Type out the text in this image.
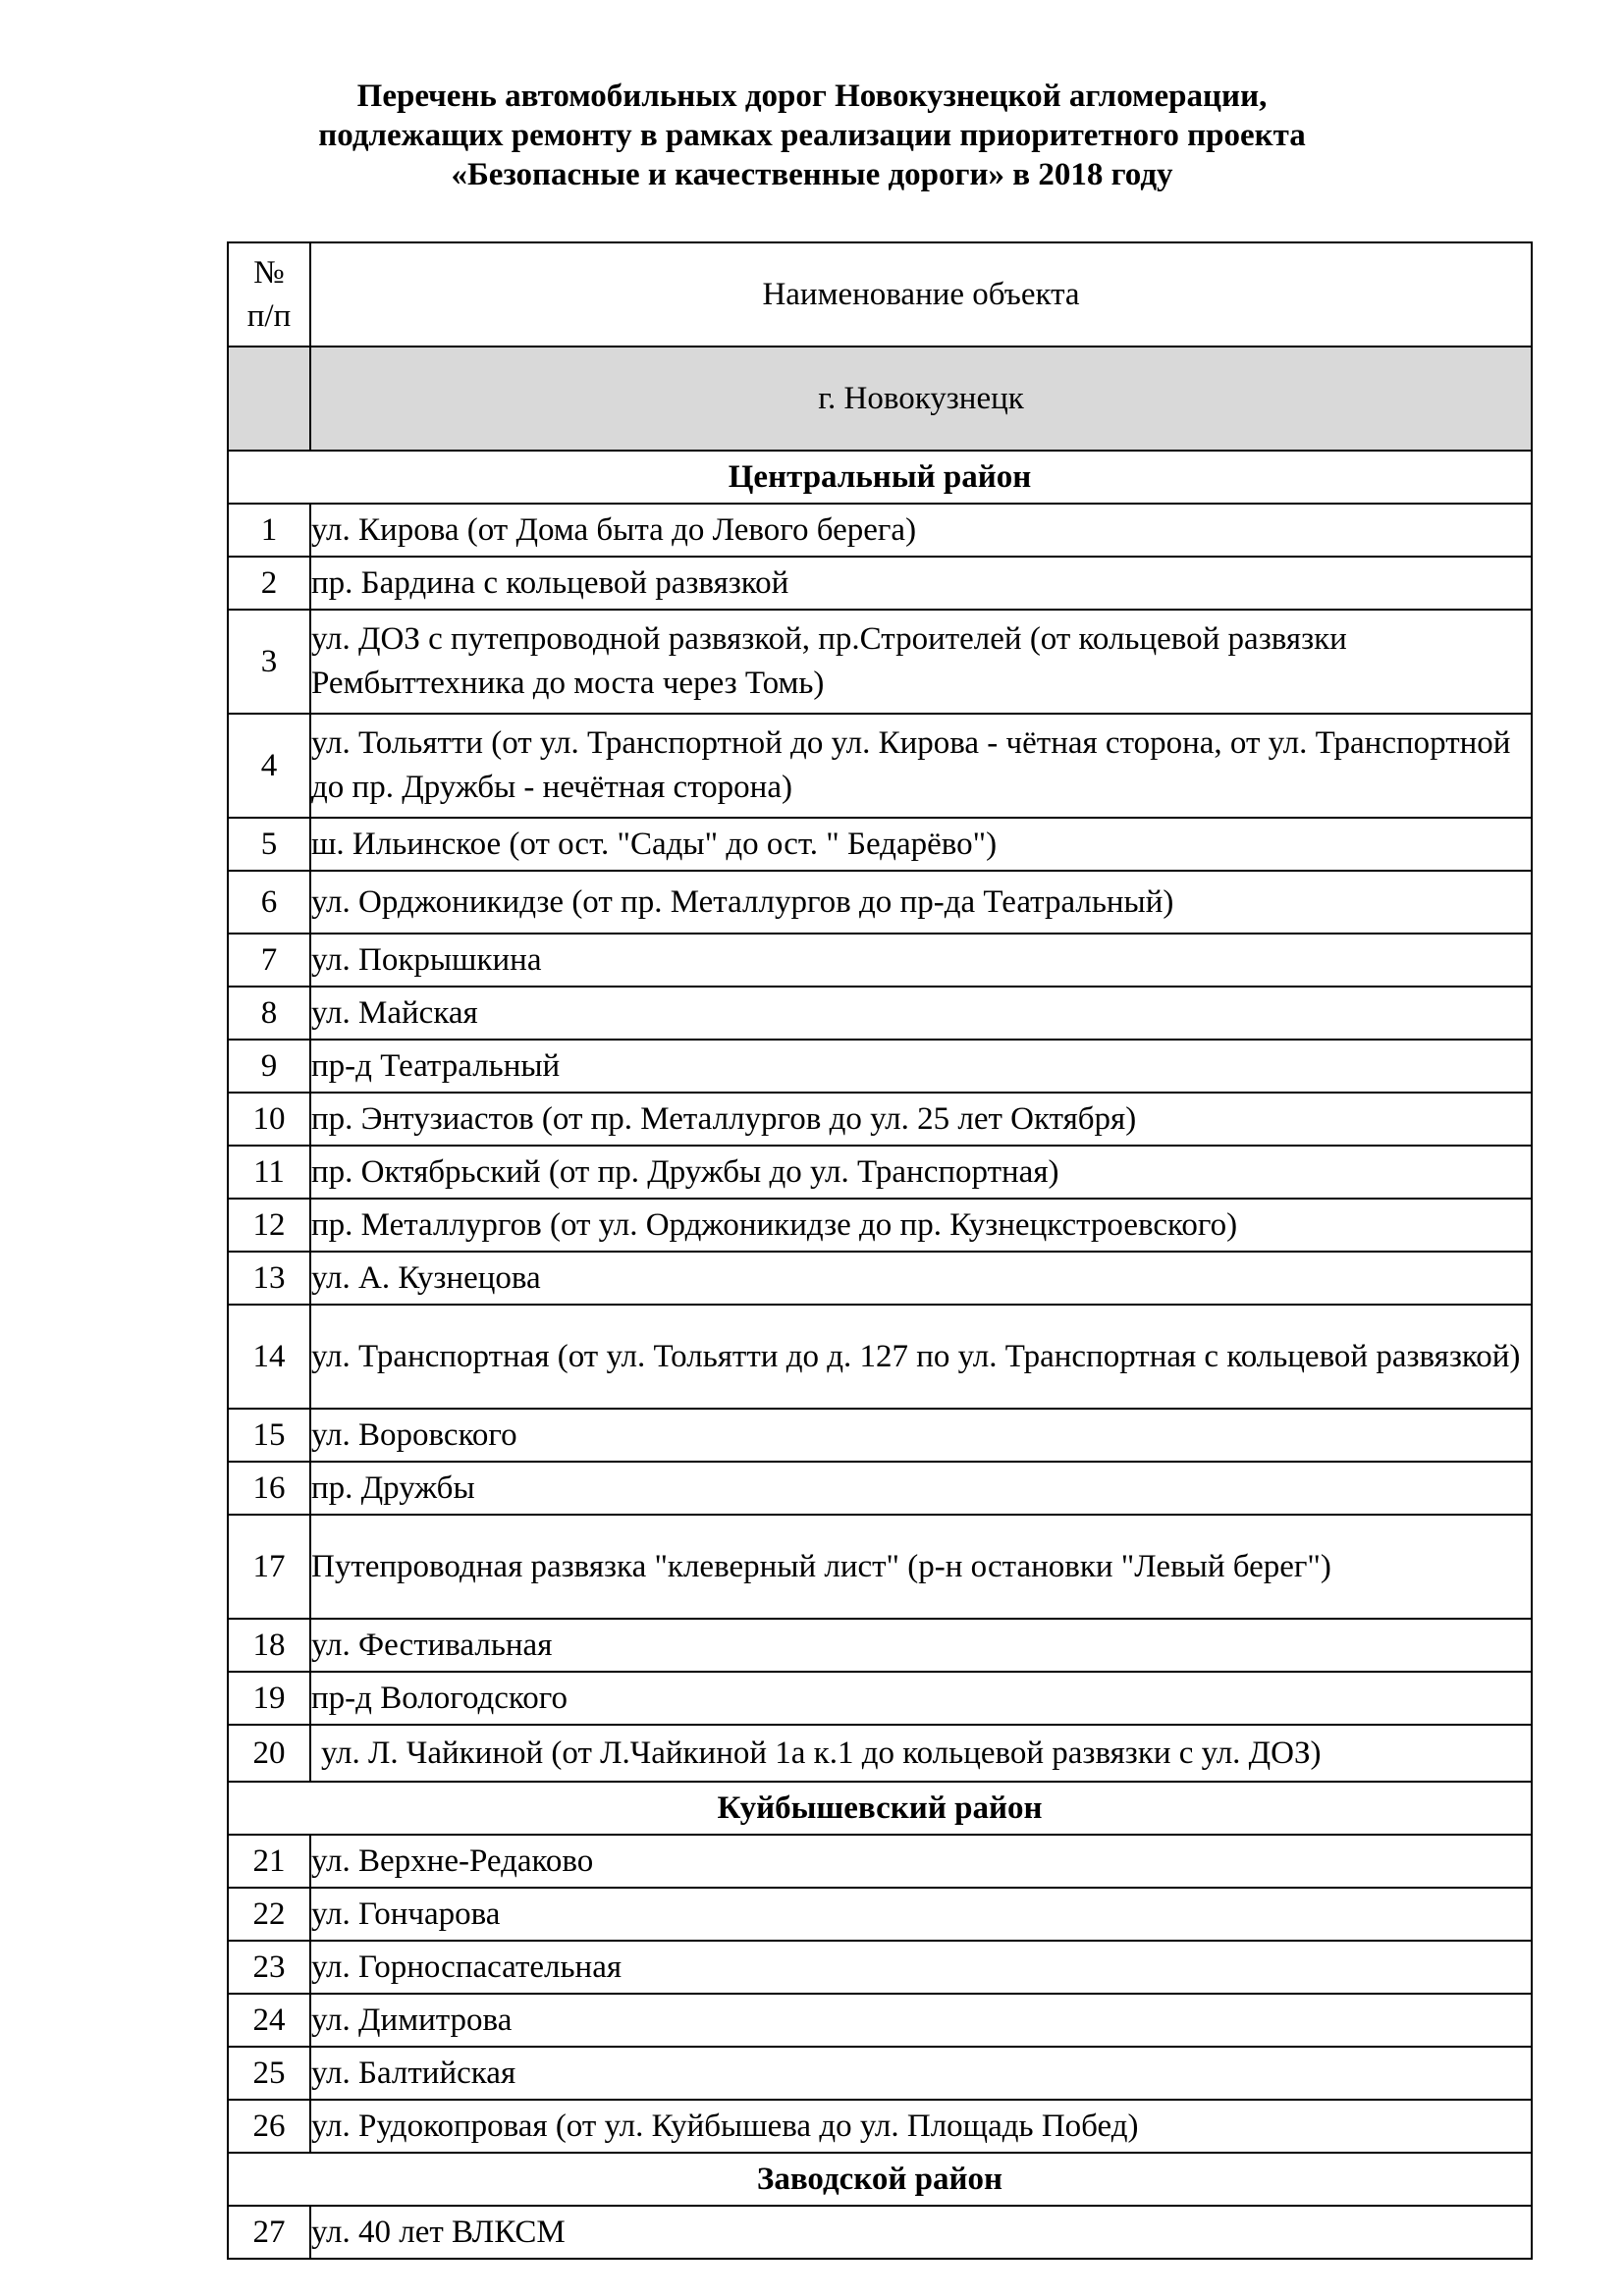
Перечень автомобильных дорог Новокузнецкой агломерации,
подлежащих ремонту в рамках реализации приоритетного проекта
«Безопасные и качественные дороги» в 2018 году
№
п/п	Наименование объекта
	г. Новокузнецк
Центральный район	
1	ул. Кирова (от Дома быта до Левого берега)
2	пр. Бардина с кольцевой развязкой
3	ул. ДОЗ с путепроводной развязкой, пр.Строителей (от кольцевой развязки Рембыттехника до моста через Томь)
4	ул. Тольятти (от ул. Транспортной до ул. Кирова - чётная сторона, от ул. Транспортной до пр. Дружбы - нечётная сторона)
5	ш. Ильинское (от ост. "Сады" до ост. " Бедарёво")
6	ул. Орджоникидзе (от пр. Металлургов до пр-да Театральный)
7	ул. Покрышкина
8	ул. Майская
9	пр-д Театральный
10	пр. Энтузиастов (от пр. Металлургов до ул. 25 лет Октября)
11	пр. Октябрьский (от пр. Дружбы до ул. Транспортная)
12	пр. Металлургов (от ул. Орджоникидзе до пр. Кузнецкстроевского)
13	ул. А. Кузнецова
14	ул. Транспортная (от ул. Тольятти до д. 127 по ул. Транспортная с кольцевой развязкой)
15	ул. Воровского
16	пр. Дружбы
17	Путепроводная развязка "клеверный лист" (р-н остановки "Левый берег")
18	ул. Фестивальная
19	пр-д Вологодского
20	ул. Л. Чайкиной (от Л.Чайкиной 1а к.1 до кольцевой развязки с ул. ДОЗ)
Куйбышевский район	
21	ул. Верхне-Редаково
22	ул. Гончарова
23	ул. Горноспасательная
24	ул. Димитрова
25	ул. Балтийская
26	ул. Рудокопровая (от ул. Куйбышева до ул. Площадь Побед)
Заводской район	
27	ул. 40 лет ВЛКСМ
